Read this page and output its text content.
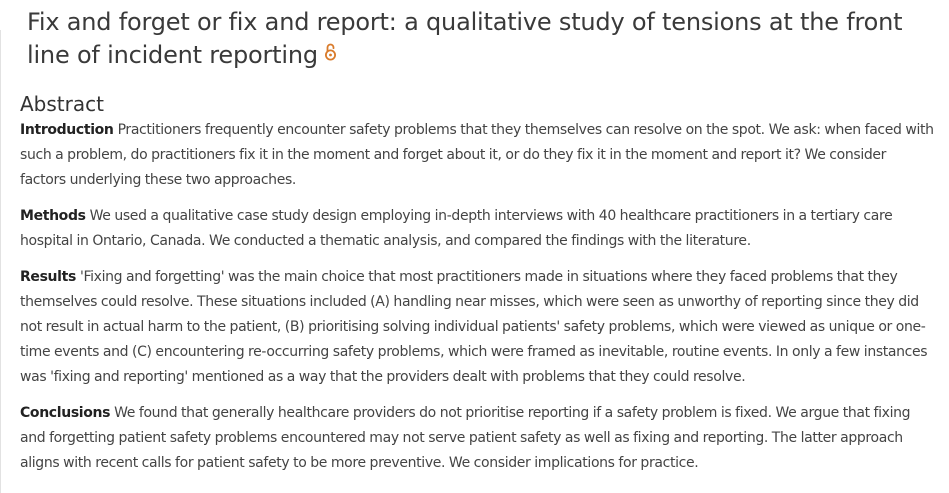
Fix and forget or fix and report: a qualitative study of tensions at the front line of incident reporting
Abstract

Introduction Practitioners frequently encounter safety problems that they themselves can resolve on the spot. We ask: when faced with such a problem, do practitioners fix it in the moment and forget about it, or do they fix it in the moment and report it? We consider factors underlying these two approaches.

Methods We used a qualitative case study design employing in-depth interviews with 40 healthcare practitioners in a tertiary care hospital in Ontario, Canada. We conducted a thematic analysis, and compared the findings with the literature.

Results 'Fixing and forgetting' was the main choice that most practitioners made in situations where they faced problems that they themselves could resolve. These situations included (A) handling near misses, which were seen as unworthy of reporting since they did not result in actual harm to the patient, (B) prioritising solving individual patients' safety problems, which were viewed as unique or one-time events and (C) encountering re-occurring safety problems, which were framed as inevitable, routine events. In only a few instances was 'fixing and reporting' mentioned as a way that the providers dealt with problems that they could resolve.

Conclusions We found that generally healthcare providers do not prioritise reporting if a safety problem is fixed. We argue that fixing and forgetting patient safety problems encountered may not serve patient safety as well as fixing and reporting. The latter approach aligns with recent calls for patient safety to be more preventive. We consider implications for practice.
